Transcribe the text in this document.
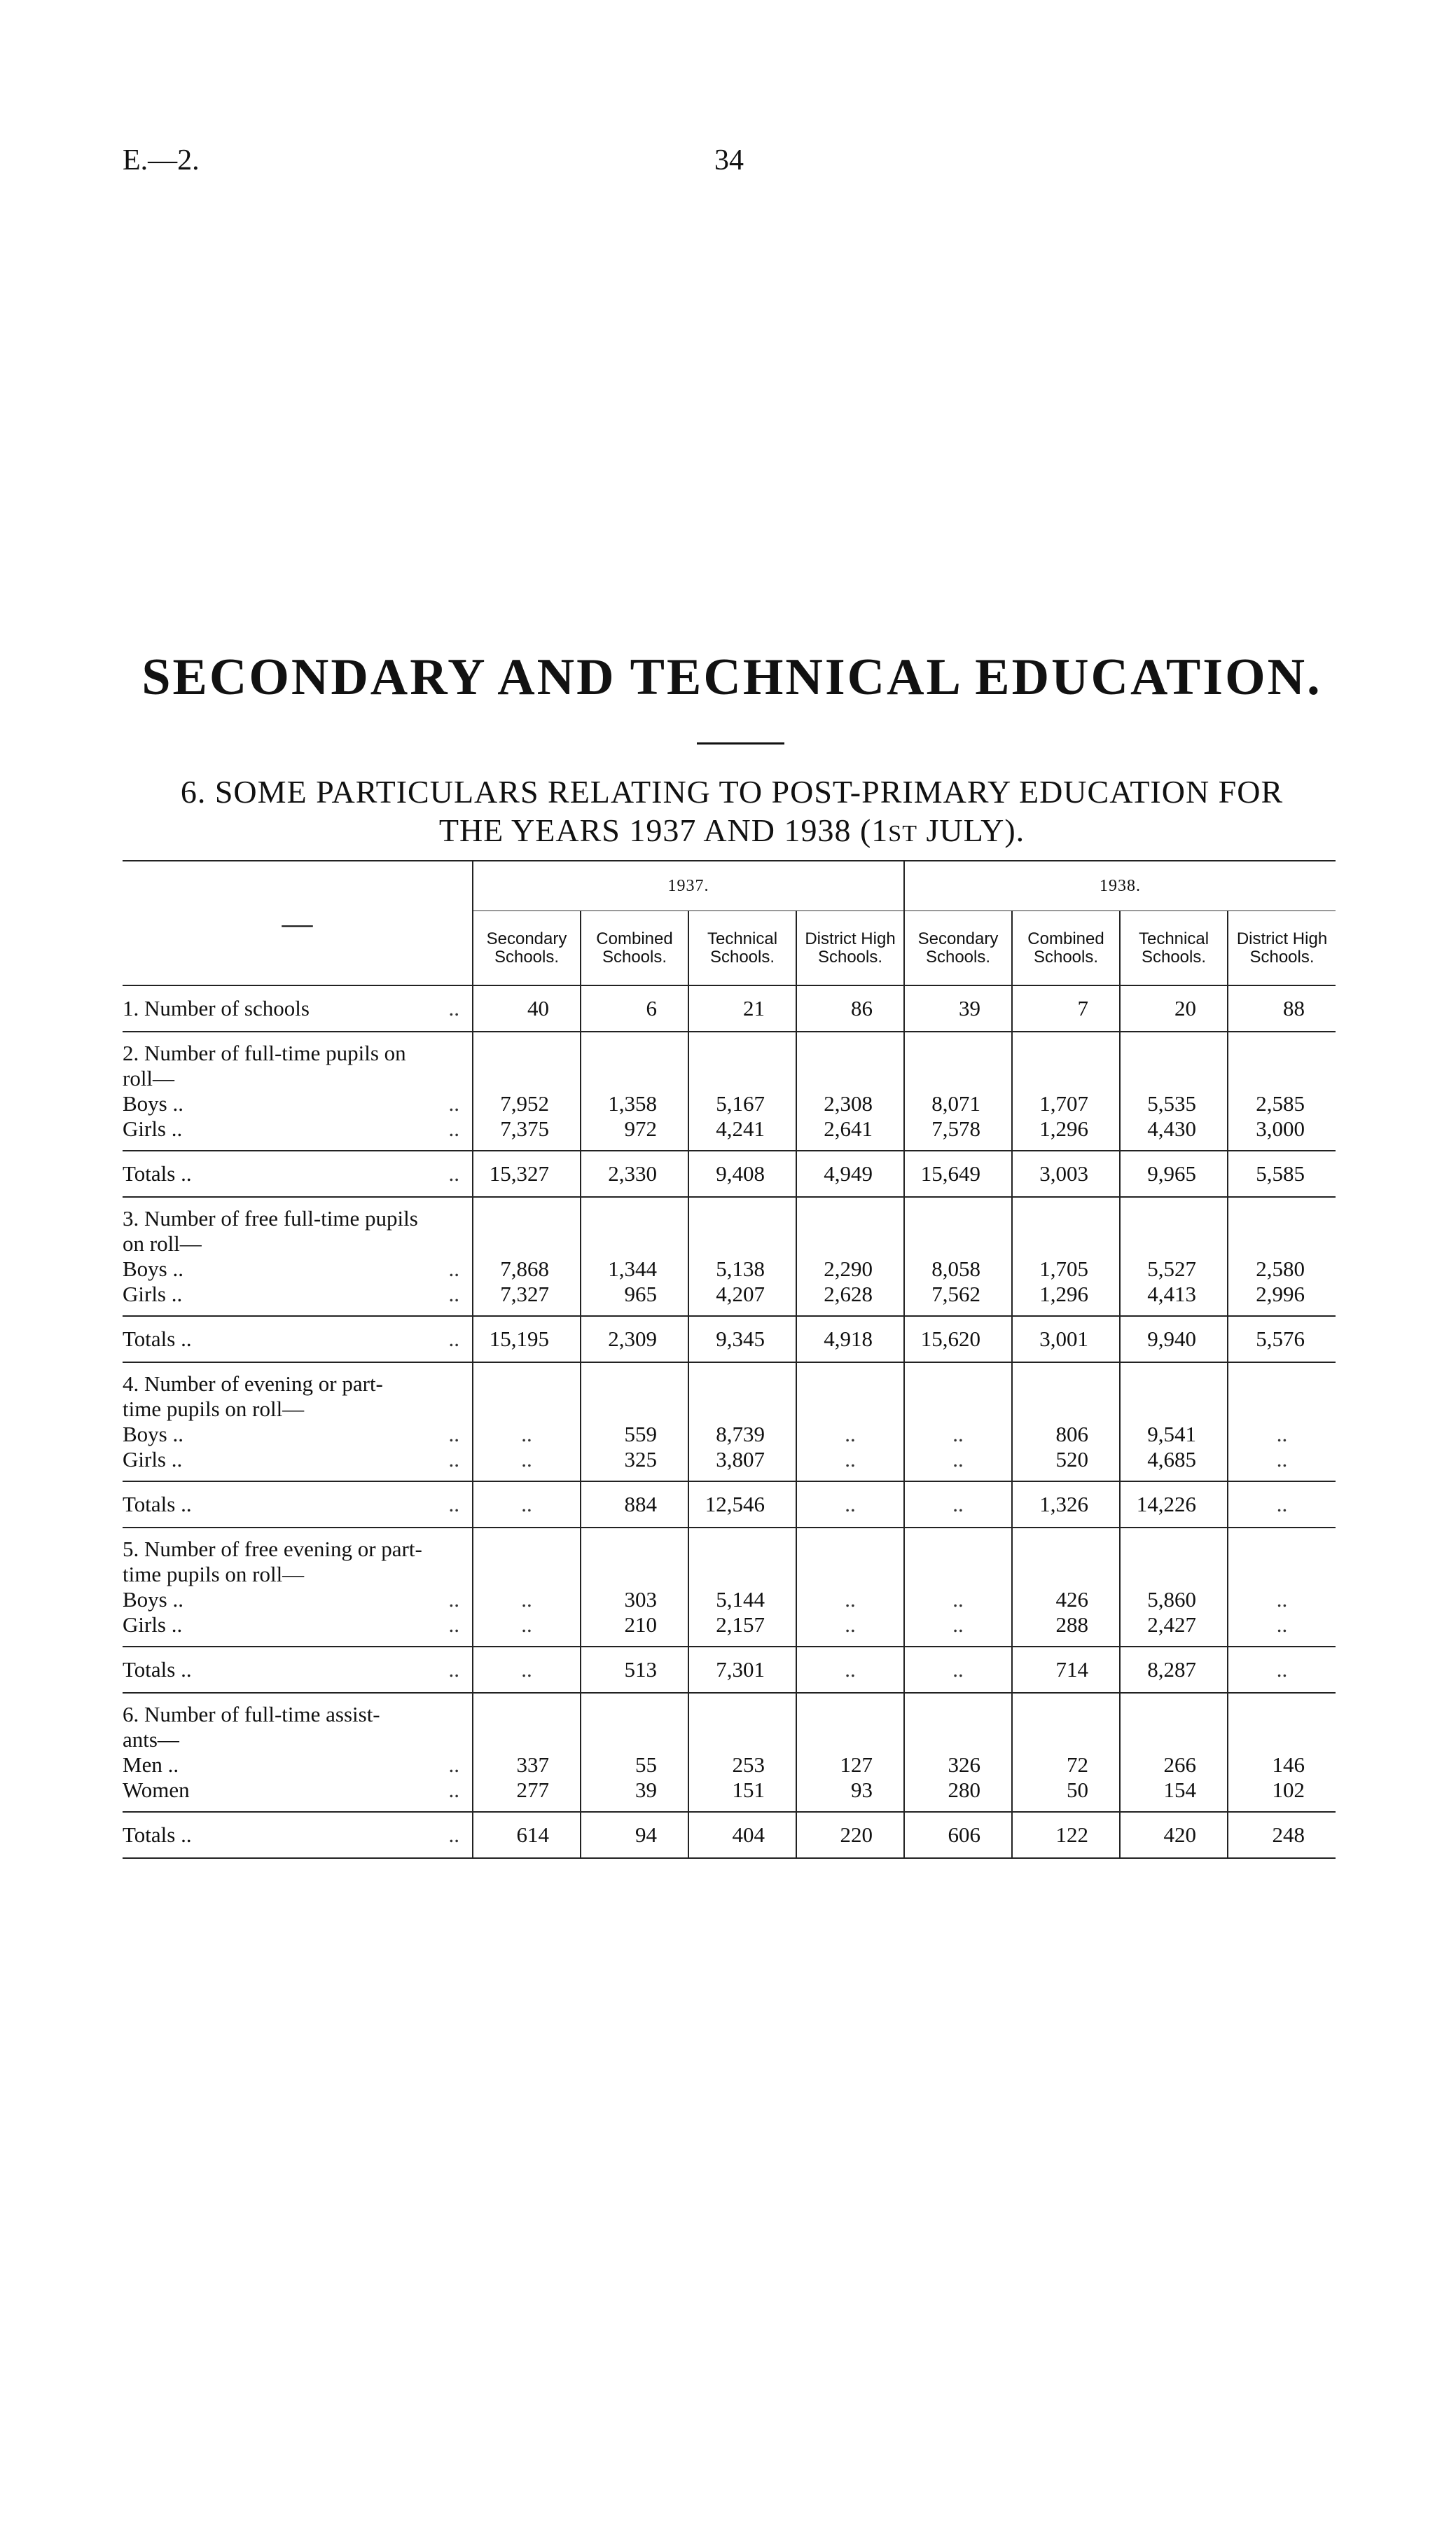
E.—2.	34
SECONDARY AND TECHNICAL EDUCATION.
6. SOME PARTICULARS RELATING TO POST-PRIMARY EDUCATION FOR
THE YEARS 1937 AND 1938 (1ST JULY).
—	1937.				1938.			
	Secondary Schools.	Combined Schools.	Technical Schools.	District High Schools.	Secondary Schools.	Combined Schools.	Technical Schools.	District High Schools.
1. Number of schools ..	40	6	21	86	39	7	20	88
2. Number of full-time pupils on								
roll—								
Boys .. ..	7,952	1,358	5,167	2,308	8,071	1,707	5,535	2,585
Girls .. ..	7,375	972	4,241	2,641	7,578	1,296	4,430	3,000

Totals .. ..	15,327	2,330	9,408	4,949	15,649	3,003	9,965	5,585
3. Number of free full-time pupils								
on roll—								
Boys .. ..	7,868	1,344	5,138	2,290	8,058	1,705	5,527	2,580
Girls .. ..	7,327	965	4,207	2,628	7,562	1,296	4,413	2,996

Totals .. ..	15,195	2,309	9,345	4,918	15,620	3,001	9,940	5,576
4. Number of evening or part-								
time pupils on roll—								
Boys .. ..	..	559	8,739	..	..	806	9,541	..
Girls .. ..	..	325	3,807	..	..	520	4,685	..

Totals .. ..	..	884	12,546	..	..	1,326	14,226	..
5. Number of free evening or part-								
time pupils on roll—								
Boys .. ..	..	303	5,144	..	..	426	5,860	..
Girls .. ..	..	210	2,157	..	..	288	2,427	..

Totals .. ..	..	513	7,301	..	..	714	8,287	..
6. Number of full-time assist-								
ants—								
Men .. ..	337	55	253	127	326	72	266	146
Women ..	277	39	151	93	280	50	154	102

Totals .. ..	614	94	404	220	606	122	420	248
